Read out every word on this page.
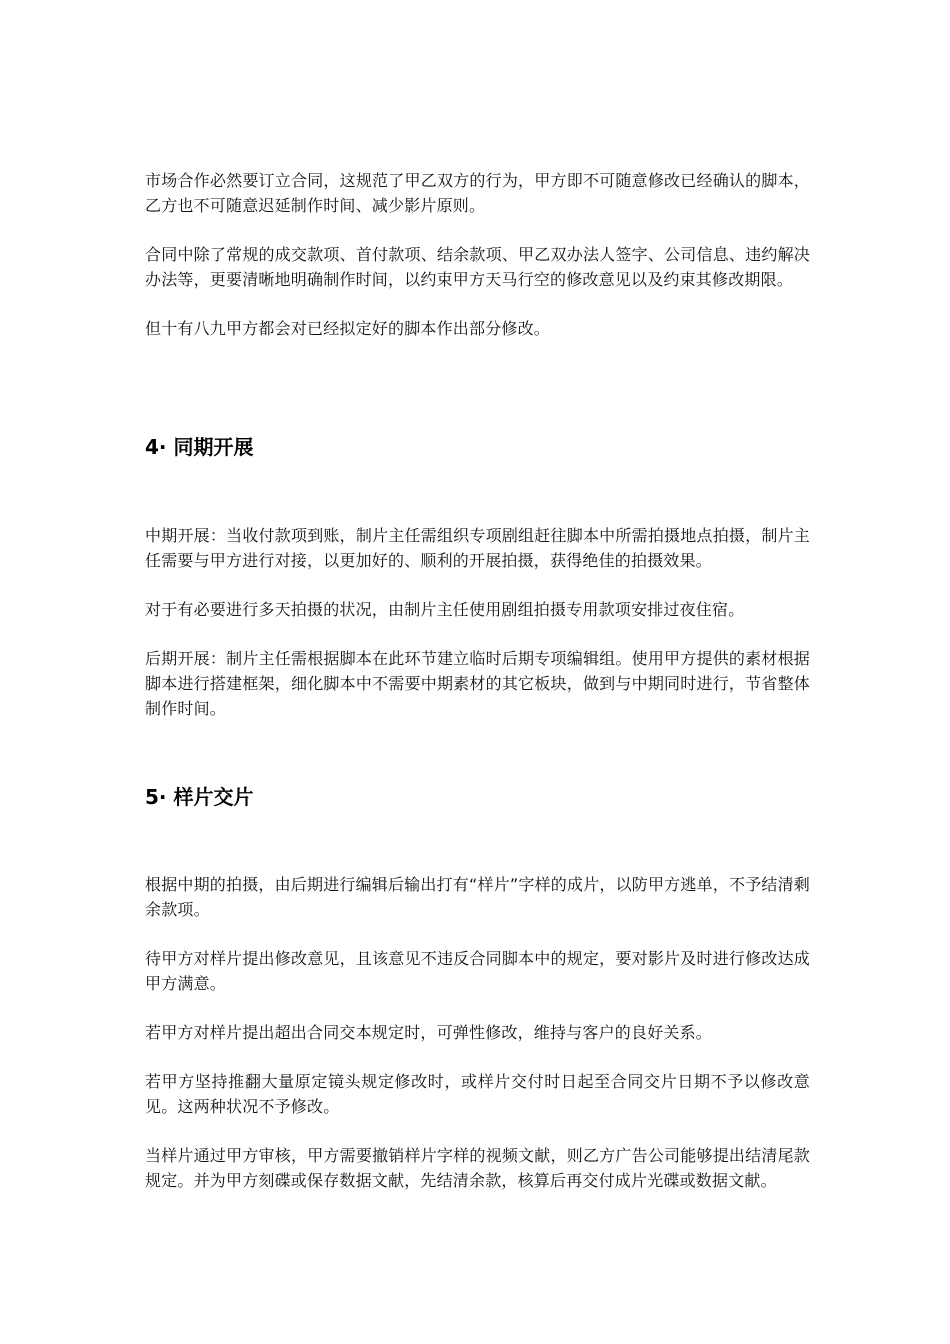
市场合作必然要订立合同，这规范了甲乙双方的行为，甲方即不可随意修改已经确认的脚本，乙方也不可随意迟延制作时间、减少影片原则。

合同中除了常规的成交款项、首付款项、结余款项、甲乙双办法人签字、公司信息、违约解决办法等，更要清晰地明确制作时间，以约束甲方天马行空的修改意见以及约束其修改期限。

但十有八九甲方都会对已经拟定好的脚本作出部分修改。

4· 同期开展

中期开展：当收付款项到账，制片主任需组织专项剧组赶往脚本中所需拍摄地点拍摄，制片主任需要与甲方进行对接，以更加好的、顺利的开展拍摄，获得绝佳的拍摄效果。

对于有必要进行多天拍摄的状况，由制片主任使用剧组拍摄专用款项安排过夜住宿。

后期开展：制片主任需根据脚本在此环节建立临时后期专项编辑组。使用甲方提供的素材根据脚本进行搭建框架，细化脚本中不需要中期素材的其它板块，做到与中期同时进行，节省整体制作时间。

5· 样片交片

根据中期的拍摄，由后期进行编辑后输出打有“样片”字样的成片，以防甲方逃单，不予结清剩余款项。

待甲方对样片提出修改意见，且该意见不违反合同脚本中的规定，要对影片及时进行修改达成甲方满意。

若甲方对样片提出超出合同交本规定时，可弹性修改，维持与客户的良好关系。

若甲方坚持推翻大量原定镜头规定修改时，或样片交付时日起至合同交片日期不予以修改意见。这两种状况不予修改。

当样片通过甲方审核，甲方需要撤销样片字样的视频文献，则乙方广告公司能够提出结清尾款规定。并为甲方刻碟或保存数据文献，先结清余款，核算后再交付成片光碟或数据文献。
